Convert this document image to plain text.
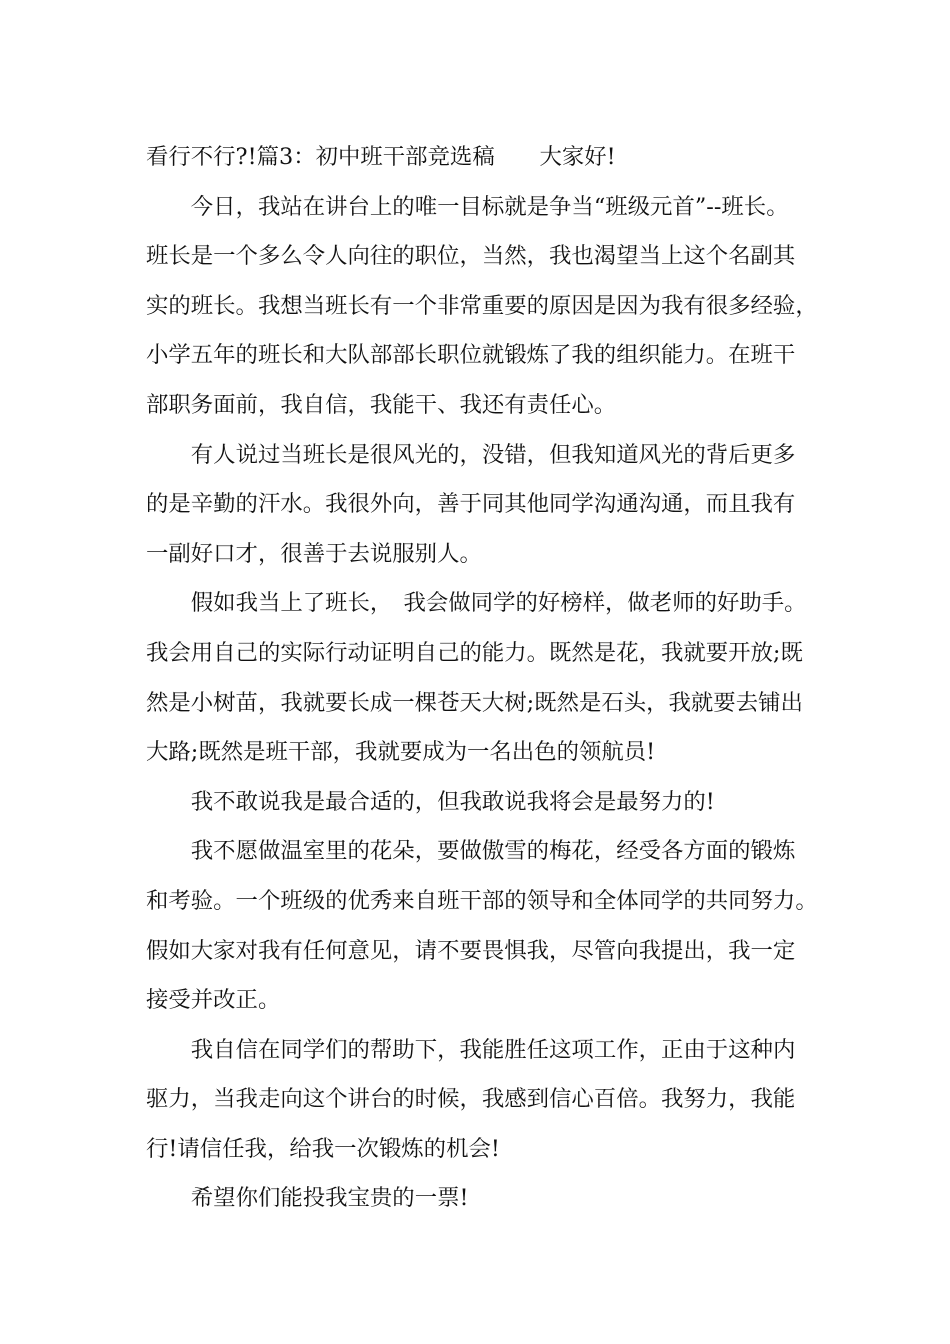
看行不行?!篇3：初中班干部竞选稿　　大家好!
今日，我站在讲台上的唯一目标就是争当“班级元首”--班长。
班长是一个多么令人向往的职位，当然，我也渴望当上这个名副其
实的班长。我想当班长有一个非常重要的原因是因为我有很多经验，
小学五年的班长和大队部部长职位就锻炼了我的组织能力。在班干
部职务面前，我自信，我能干、我还有责任心。
有人说过当班长是很风光的，没错，但我知道风光的背后更多
的是辛勤的汗水。我很外向，善于同其他同学沟通沟通，而且我有
一副好口才，很善于去说服别人。
假如我当上了班长，　我会做同学的好榜样，做老师的好助手。
我会用自己的实际行动证明自己的能力。既然是花，我就要开放;既
然是小树苗，我就要长成一棵苍天大树;既然是石头，我就要去铺出
大路;既然是班干部，我就要成为一名出色的领航员!
我不敢说我是最合适的，但我敢说我将会是最努力的!
我不愿做温室里的花朵，要做傲雪的梅花，经受各方面的锻炼
和考验。一个班级的优秀来自班干部的领导和全体同学的共同努力。
假如大家对我有任何意见，请不要畏惧我，尽管向我提出，我一定
接受并改正。
我自信在同学们的帮助下，我能胜任这项工作，正由于这种内
驱力，当我走向这个讲台的时候，我感到信心百倍。我努力，我能
行!请信任我，给我一次锻炼的机会!
希望你们能投我宝贵的一票!
